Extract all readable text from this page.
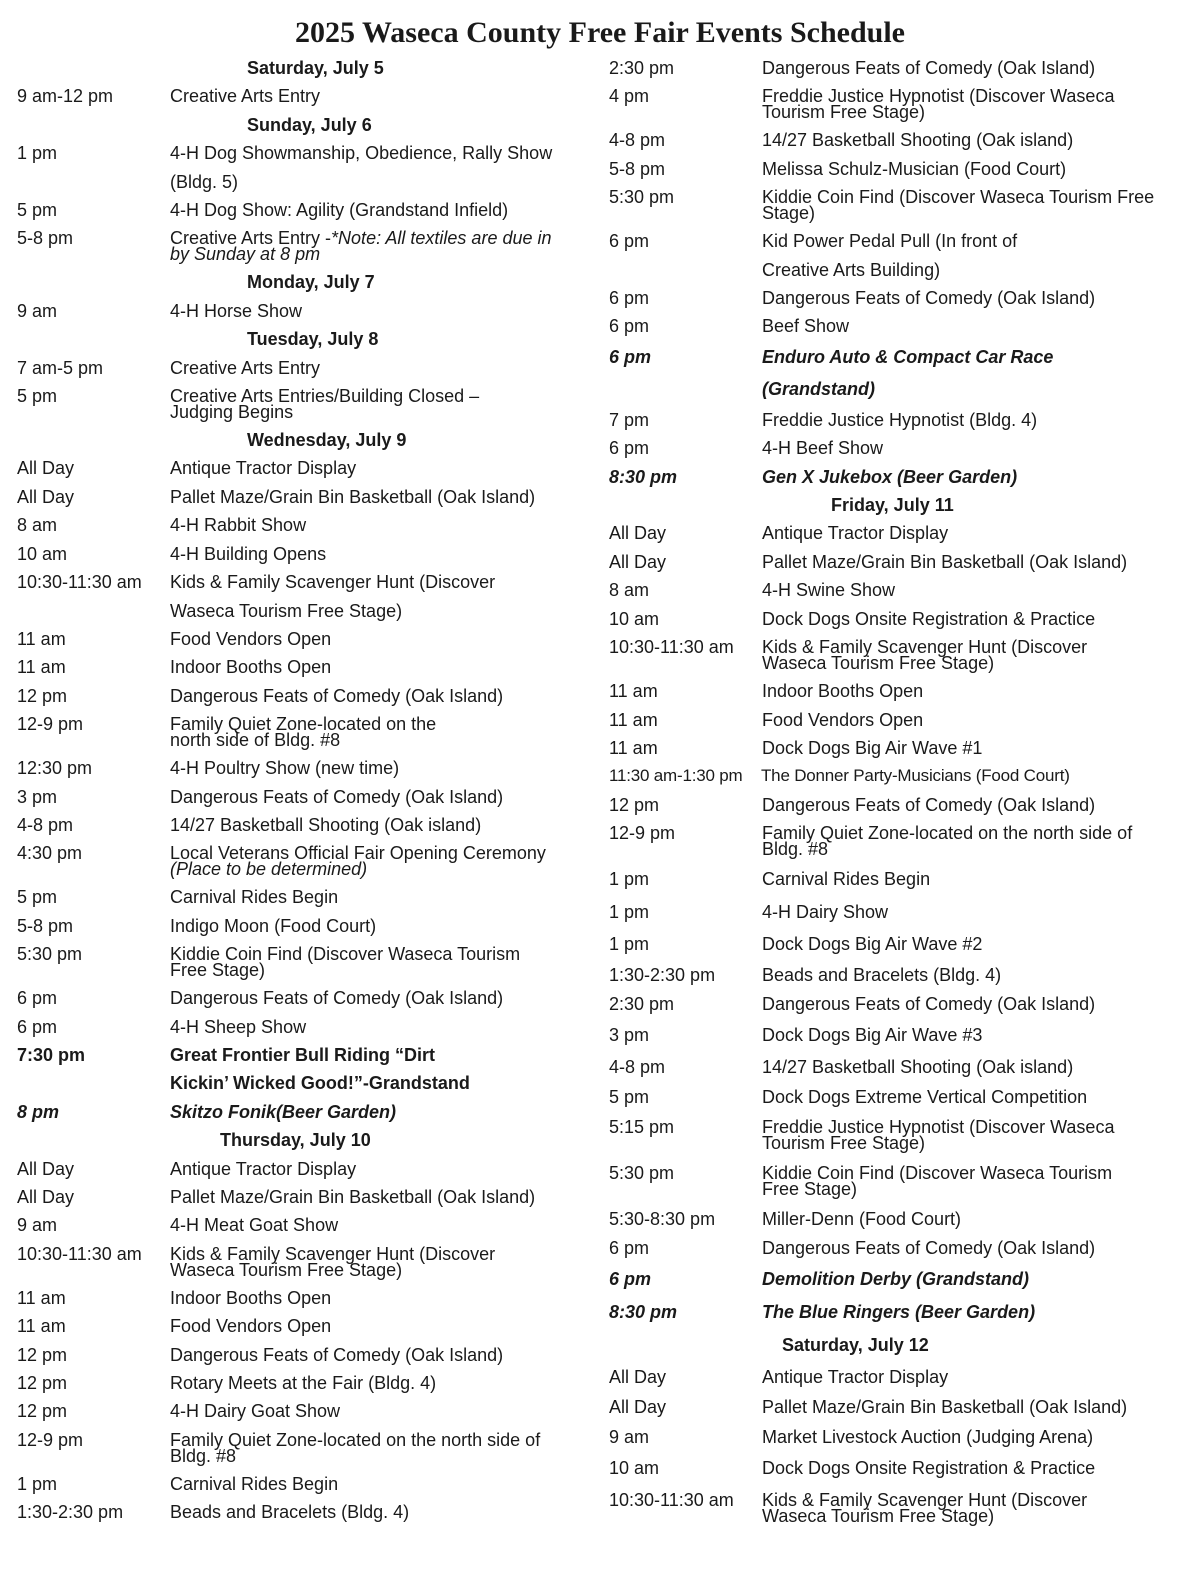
2025 Waseca County Free Fair Events Schedule
Saturday, July 5
9 am-12 pm	Creative Arts Entry
Sunday, July 6
1 pm	4-H Dog Showmanship, Obedience, Rally Show
(Bldg. 5)
5 pm	4-H Dog Show: Agility (Grandstand Infield)
5-8 pm	Creative Arts Entry -*Note: All textiles are due in
by Sunday at 8 pm
Monday, July 7
9 am	4-H Horse Show
Tuesday, July 8
7 am-5 pm	Creative Arts Entry
5 pm	Creative Arts Entries/Building Closed –
Judging Begins
Wednesday, July 9
All Day	Antique Tractor Display
All Day	Pallet Maze/Grain Bin Basketball (Oak Island)
8 am	4-H Rabbit Show
10 am	4-H Building Opens
10:30-11:30 am	Kids & Family Scavenger Hunt (Discover
Waseca Tourism Free Stage)
11 am	Food Vendors Open
11 am	Indoor Booths Open
12 pm	Dangerous Feats of Comedy (Oak Island)
12-9 pm	Family Quiet Zone-located on the
north side of Bldg. #8
12:30 pm	4-H Poultry Show (new time)
3 pm	Dangerous Feats of Comedy (Oak Island)
4-8 pm	14/27 Basketball Shooting (Oak island)
4:30 pm	Local Veterans Official Fair Opening Ceremony
(Place to be determined)
5 pm	Carnival Rides Begin
5-8 pm	Indigo Moon (Food Court)
5:30 pm	Kiddie Coin Find (Discover Waseca Tourism
Free Stage)
6 pm	Dangerous Feats of Comedy (Oak Island)
6 pm	4-H Sheep Show
7:30 pm	Great Frontier Bull Riding “Dirt
Kickin’ Wicked Good!”-Grandstand
8 pm	Skitzo Fonik(Beer Garden)
Thursday, July 10
All Day	Antique Tractor Display
All Day	Pallet Maze/Grain Bin Basketball (Oak Island)
9 am	4-H Meat Goat Show
10:30-11:30 am	Kids & Family Scavenger Hunt (Discover
Waseca Tourism Free Stage)
11 am	Indoor Booths Open
11 am	Food Vendors Open
12 pm	Dangerous Feats of Comedy (Oak Island)
12 pm	Rotary Meets at the Fair (Bldg. 4)
12 pm	4-H Dairy Goat Show
12-9 pm	Family Quiet Zone-located on the north side of
Bldg. #8
1 pm	Carnival Rides Begin
1:30-2:30 pm	Beads and Bracelets (Bldg. 4)
2:30 pm	Dangerous Feats of Comedy (Oak Island)
4 pm	Freddie Justice Hypnotist (Discover Waseca
Tourism Free Stage)
4-8 pm	14/27 Basketball Shooting (Oak island)
5-8 pm	Melissa Schulz-Musician (Food Court)
5:30 pm	Kiddie Coin Find (Discover Waseca Tourism Free
Stage)
6 pm	Kid Power Pedal Pull (In front of
Creative Arts Building)
6 pm	Dangerous Feats of Comedy (Oak Island)
6 pm	Beef Show
6 pm	Enduro Auto & Compact Car Race
(Grandstand)
7 pm	Freddie Justice Hypnotist (Bldg. 4)
6 pm	4-H Beef Show
8:30 pm	Gen X Jukebox (Beer Garden)
Friday, July 11
All Day	Antique Tractor Display
All Day	Pallet Maze/Grain Bin Basketball (Oak Island)
8 am	4-H Swine Show
10 am	Dock Dogs Onsite Registration & Practice
10:30-11:30 am	Kids & Family Scavenger Hunt (Discover
Waseca Tourism Free Stage)
11 am	Indoor Booths Open
11 am	Food Vendors Open
11 am	Dock Dogs Big Air Wave #1
11:30 am-1:30 pm	The Donner Party-Musicians (Food Court)
12 pm	Dangerous Feats of Comedy (Oak Island)
12-9 pm	Family Quiet Zone-located on the north side of
Bldg. #8
1 pm	Carnival Rides Begin
1 pm	4-H Dairy Show
1 pm	Dock Dogs Big Air Wave #2
1:30-2:30 pm	Beads and Bracelets (Bldg. 4)
2:30 pm	Dangerous Feats of Comedy (Oak Island)
3 pm	Dock Dogs Big Air Wave #3
4-8 pm	14/27 Basketball Shooting (Oak island)
5 pm	Dock Dogs Extreme Vertical Competition
5:15 pm	Freddie Justice Hypnotist (Discover Waseca
Tourism Free Stage)
5:30 pm	Kiddie Coin Find (Discover Waseca Tourism
Free Stage)
5:30-8:30 pm	Miller-Denn (Food Court)
6 pm	Dangerous Feats of Comedy (Oak Island)
6 pm	Demolition Derby (Grandstand)
8:30 pm	The Blue Ringers (Beer Garden)
Saturday, July 12
All Day	Antique Tractor Display
All Day	Pallet Maze/Grain Bin Basketball (Oak Island)
9 am	Market Livestock Auction (Judging Arena)
10 am	Dock Dogs Onsite Registration & Practice
10:30-11:30 am	Kids & Family Scavenger Hunt (Discover
Waseca Tourism Free Stage)
